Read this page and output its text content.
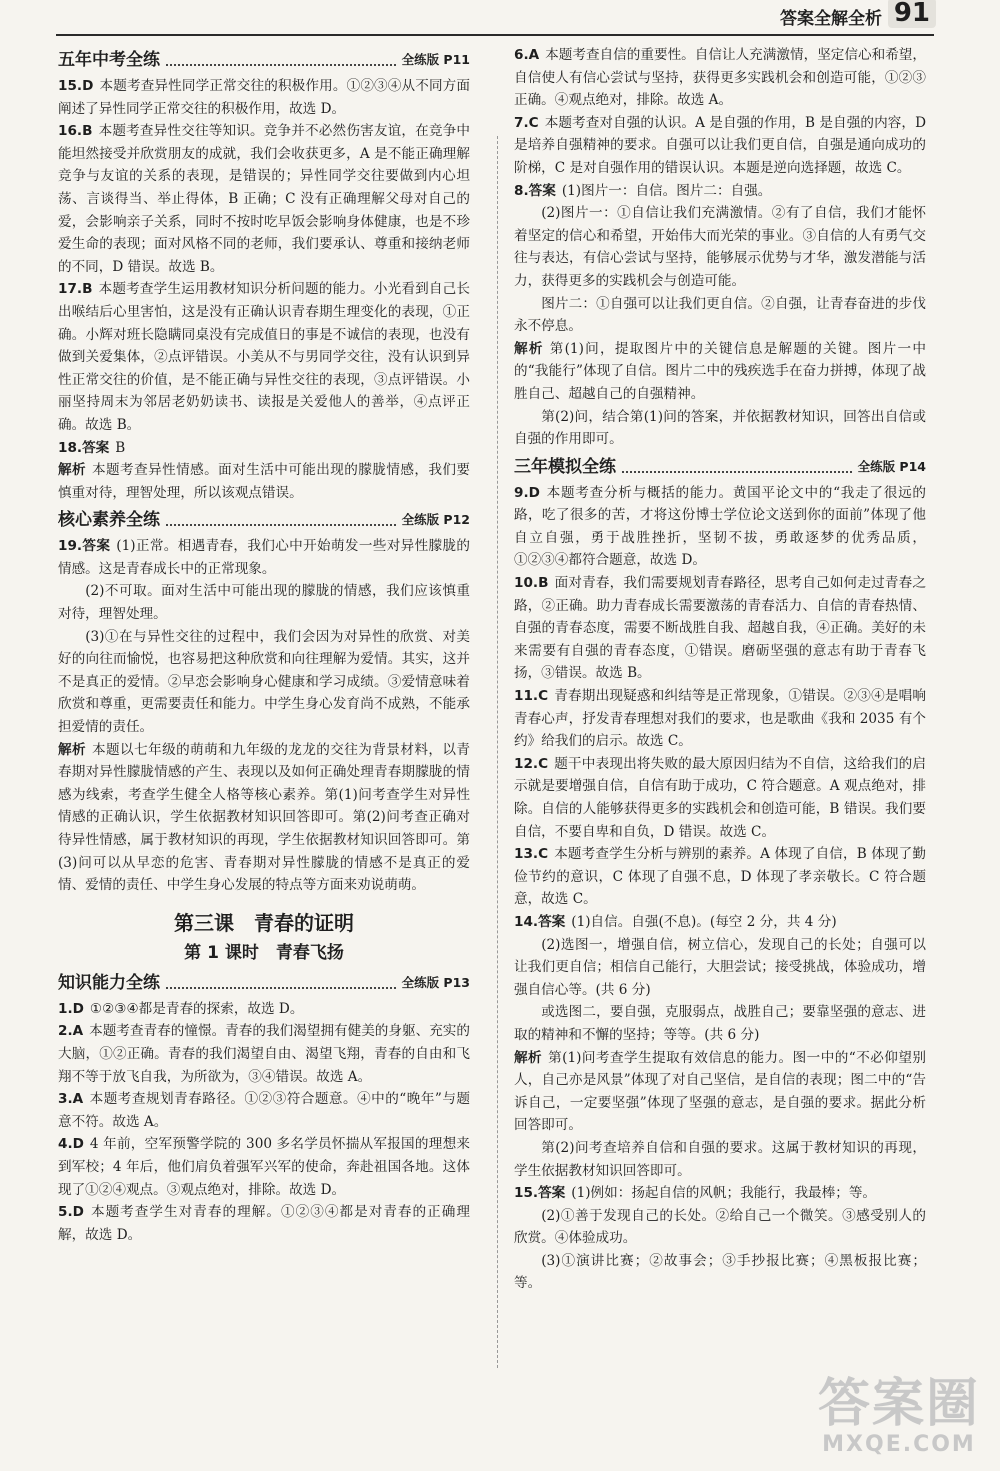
答案全解全析 91
五年中考全练	全练版 P11

15.D 本题考查异性同学正常交往的积极作用。①②③④从不同方面阐述了异性同学正常交往的积极作用，故选 D。

16.B 本题考查异性交往等知识。竞争并不必然伤害友谊，在竞争中能坦然接受并欣赏朋友的成就，我们会收获更多，A 是不能正确理解竞争与友谊的关系的表现，是错误的；异性同学交往要做到内心坦荡、言谈得当、举止得体，B 正确；C 没有正确理解父母对自己的爱，会影响亲子关系，同时不按时吃早饭会影响身体健康，也是不珍爱生命的表现；面对风格不同的老师，我们要承认、尊重和接纳老师的不同，D 错误。故选 B。

17.B 本题考查学生运用教材知识分析问题的能力。小光看到自己长出喉结后心里害怕，这是没有正确认识青春期生理变化的表现，①正确。小辉对班长隐瞒同桌没有完成值日的事是不诚信的表现，也没有做到关爱集体，②点评错误。小美从不与男同学交往，没有认识到异性正常交往的价值，是不能正确与异性交往的表现，③点评错误。小丽坚持周末为邻居老奶奶读书、读报是关爱他人的善举，④点评正确。故选 B。

18.答案 B

解析 本题考查异性情感。面对生活中可能出现的朦胧情感，我们要慎重对待，理智处理，所以该观点错误。

核心素养全练	全练版 P12

19.答案 (1)正常。相遇青春，我们心中开始萌发一些对异性朦胧的情感。这是青春成长中的正常现象。

(2)不可取。面对生活中可能出现的朦胧的情感，我们应该慎重对待，理智处理。

(3)①在与异性交往的过程中，我们会因为对异性的欣赏、对美好的向往而愉悦，也容易把这种欣赏和向往理解为爱情。其实，这并不是真正的爱情。②早恋会影响身心健康和学习成绩。③爱情意味着欣赏和尊重，更需要责任和能力。中学生身心发育尚不成熟，不能承担爱情的责任。

解析 本题以七年级的萌萌和九年级的龙龙的交往为背景材料，以青春期对异性朦胧情感的产生、表现以及如何正确处理青春期朦胧的情感为线索，考查学生健全人格等核心素养。第(1)问考查学生对异性情感的正确认识，学生依据教材知识回答即可。第(2)问考查正确对待异性情感，属于教材知识的再现，学生依据教材知识回答即可。第(3)问可以从早恋的危害、青春期对异性朦胧的情感不是真正的爱情、爱情的责任、中学生身心发展的特点等方面来劝说萌萌。

第三课　青春的证明
第 1 课时　青春飞扬
知识能力全练	全练版 P13

1.D ①②③④都是青春的探索，故选 D。

2.A 本题考查青春的憧憬。青春的我们渴望拥有健美的身躯、充实的大脑，①②正确。青春的我们渴望自由、渴望飞翔，青春的自由和飞翔不等于放飞自我，为所欲为，③④错误。故选 A。

3.A 本题考查规划青春路径。①②③符合题意。④中的“晚年”与题意不符。故选 A。

4.D 4 年前，空军预警学院的 300 多名学员怀揣从军报国的理想来到军校；4 年后，他们肩负着强军兴军的使命，奔赴祖国各地。这体现了①②④观点。③观点绝对，排除。故选 D。

5.D 本题考查学生对青春的理解。①②③④都是对青春的正确理解，故选 D。

6.A 本题考查自信的重要性。自信让人充满激情，坚定信心和希望，自信使人有信心尝试与坚持，获得更多实践机会和创造可能，①②③正确。④观点绝对，排除。故选 A。

7.C 本题考查对自强的认识。A 是自强的作用，B 是自强的内容，D 是培养自强精神的要求。自强可以让我们更自信，自强是通向成功的阶梯，C 是对自强作用的错误认识。本题是逆向选择题，故选 C。

8.答案 (1)图片一：自信。图片二：自强。

(2)图片一：①自信让我们充满激情。②有了自信，我们才能怀着坚定的信心和希望，开始伟大而光荣的事业。③自信的人有勇气交往与表达，有信心尝试与坚持，能够展示优势与才华，激发潜能与活力，获得更多的实践机会与创造可能。

图片二：①自强可以让我们更自信。②自强，让青春奋进的步伐永不停息。

解析 第(1)问，提取图片中的关键信息是解题的关键。图片一中的“我能行”体现了自信。图片二中的残疾选手在奋力拼搏，体现了战胜自己、超越自己的自强精神。

第(2)问，结合第(1)问的答案，并依据教材知识，回答出自信或自强的作用即可。

三年模拟全练	全练版 P14

9.D 本题考查分析与概括的能力。黄国平论文中的“我走了很远的路，吃了很多的苦，才将这份博士学位论文送到你的面前”体现了他自立自强，勇于战胜挫折，坚韧不拔，勇敢逐梦的优秀品质，①②③④都符合题意，故选 D。

10.B 面对青春，我们需要规划青春路径，思考自己如何走过青春之路，②正确。助力青春成长需要激荡的青春活力、自信的青春热情、自强的青春态度，需要不断战胜自我、超越自我，④正确。美好的未来需要有自强的青春态度，①错误。磨砺坚强的意志有助于青春飞扬，③错误。故选 B。

11.C 青春期出现疑惑和纠结等是正常现象，①错误。②③④是唱响青春心声，抒发青春理想对我们的要求，也是歌曲《我和 2035 有个约》给我们的启示。故选 C。

12.C 题干中表现出将失败的最大原因归结为不自信，这给我们的启示就是要增强自信，自信有助于成功，C 符合题意。A 观点绝对，排除。自信的人能够获得更多的实践机会和创造可能，B 错误。我们要自信，不要自卑和自负，D 错误。故选 C。

13.C 本题考查学生分析与辨别的素养。A 体现了自信，B 体现了勤俭节约的意识，C 体现了自强不息，D 体现了孝亲敬长。C 符合题意，故选 C。

14.答案 (1)自信。自强(不息)。(每空 2 分，共 4 分)

(2)选图一，增强自信，树立信心，发现自己的长处；自强可以让我们更自信；相信自己能行，大胆尝试；接受挑战，体验成功，增强自信心等。(共 6 分)

或选图二，要自强，克服弱点，战胜自己；要靠坚强的意志、进取的精神和不懈的坚持；等等。(共 6 分)

解析 第(1)问考查学生提取有效信息的能力。图一中的“不必仰望别人，自己亦是风景”体现了对自己坚信，是自信的表现；图二中的“告诉自己，一定要坚强”体现了坚强的意志，是自强的要求。据此分析回答即可。

第(2)问考查培养自信和自强的要求。这属于教材知识的再现，学生依据教材知识回答即可。

15.答案 (1)例如：扬起自信的风帆；我能行，我最棒；等。

(2)①善于发现自己的长处。②给自己一个微笑。③感受别人的欣赏。④体验成功。

(3)①演讲比赛；②故事会；③手抄报比赛；④黑板报比赛；等。

答案圈
MXQE.COM
